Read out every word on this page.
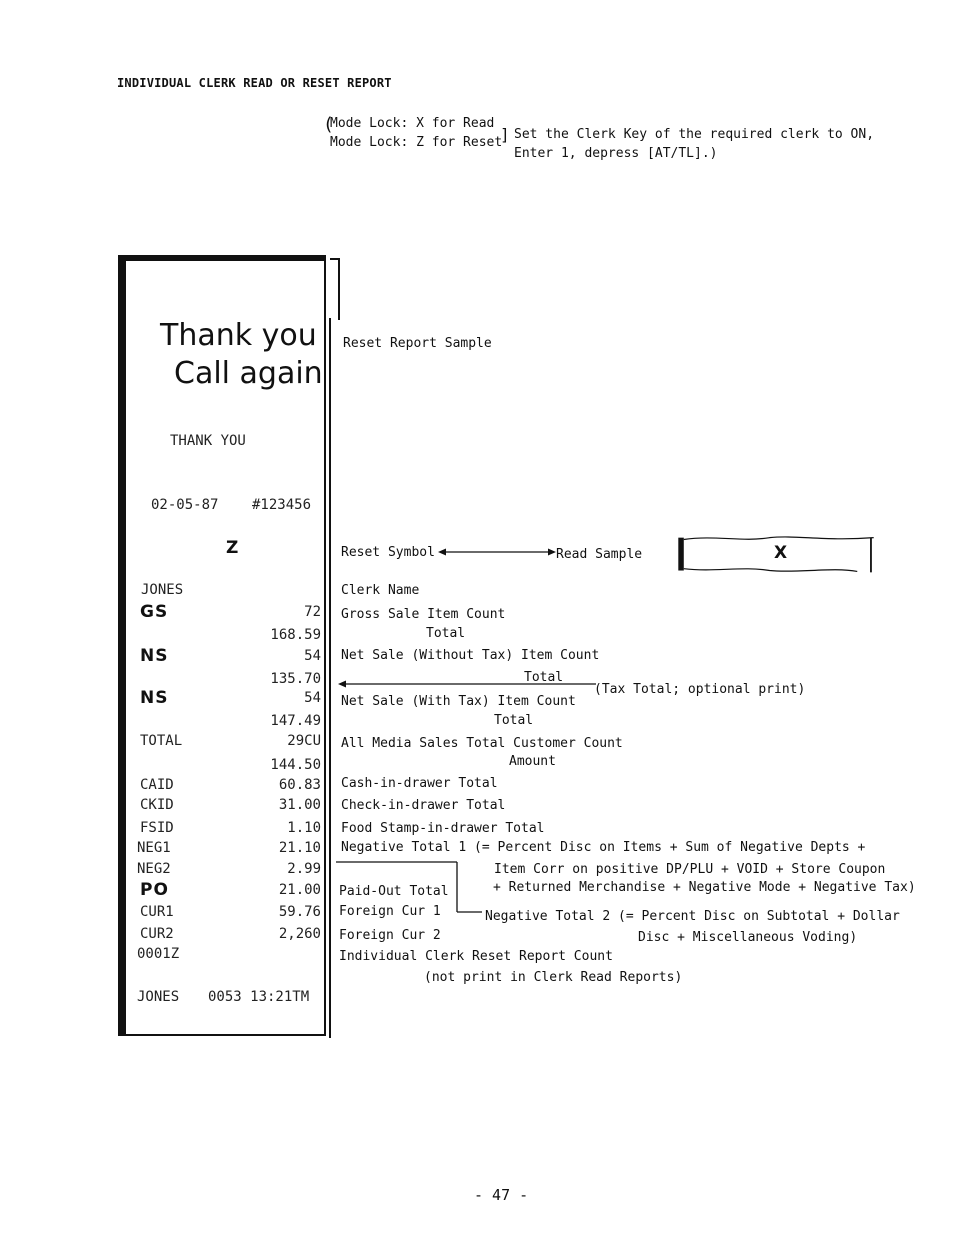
INDIVIDUAL CLERK READ OR RESET REPORT
(
Mode Lock: X for Read
Mode Lock: Z for Reset
] Set the Clerk Key of the required clerk to ON,
Enter 1, depress [AT/TL].)
Thank you
Call again
THANK YOU
02-05-87 #123456
Z
JONES
GS	72
168.59
NS	54
135.70
NS	54
147.49
TOTAL	29CU
144.50
CAID	60.83
CKID	31.00
FSID	1.10
NEG1	21.10
NEG2	2.99
PO	21.00
CUR1	59.76
CUR2	2,260
0001Z
JONES 0053 13:21TM
Reset Report Sample
Reset Symbol	Read Sample	X
Clerk Name
Gross Sale Item Count
Total
Net Sale (Without Tax) Item Count
Total
(Tax Total; optional print)
Net Sale (With Tax) Item Count
Total
All Media Sales Total Customer Count
Amount
Cash-in-drawer Total
Check-in-drawer Total
Food Stamp-in-drawer Total
Negative Total 1 (= Percent Disc on Items + Sum of Negative Depts +
Item Corr on positive DP/PLU + VOID + Store Coupon
+ Returned Merchandise + Negative Mode + Negative Tax)
Paid-Out Total
Foreign Cur 1	Negative Total 2 (= Percent Disc on Subtotal + Dollar
Disc + Miscellaneous Voding)
Foreign Cur 2
Individual Clerk Reset Report Count
(not print in Clerk Read Reports)
- 47 -
